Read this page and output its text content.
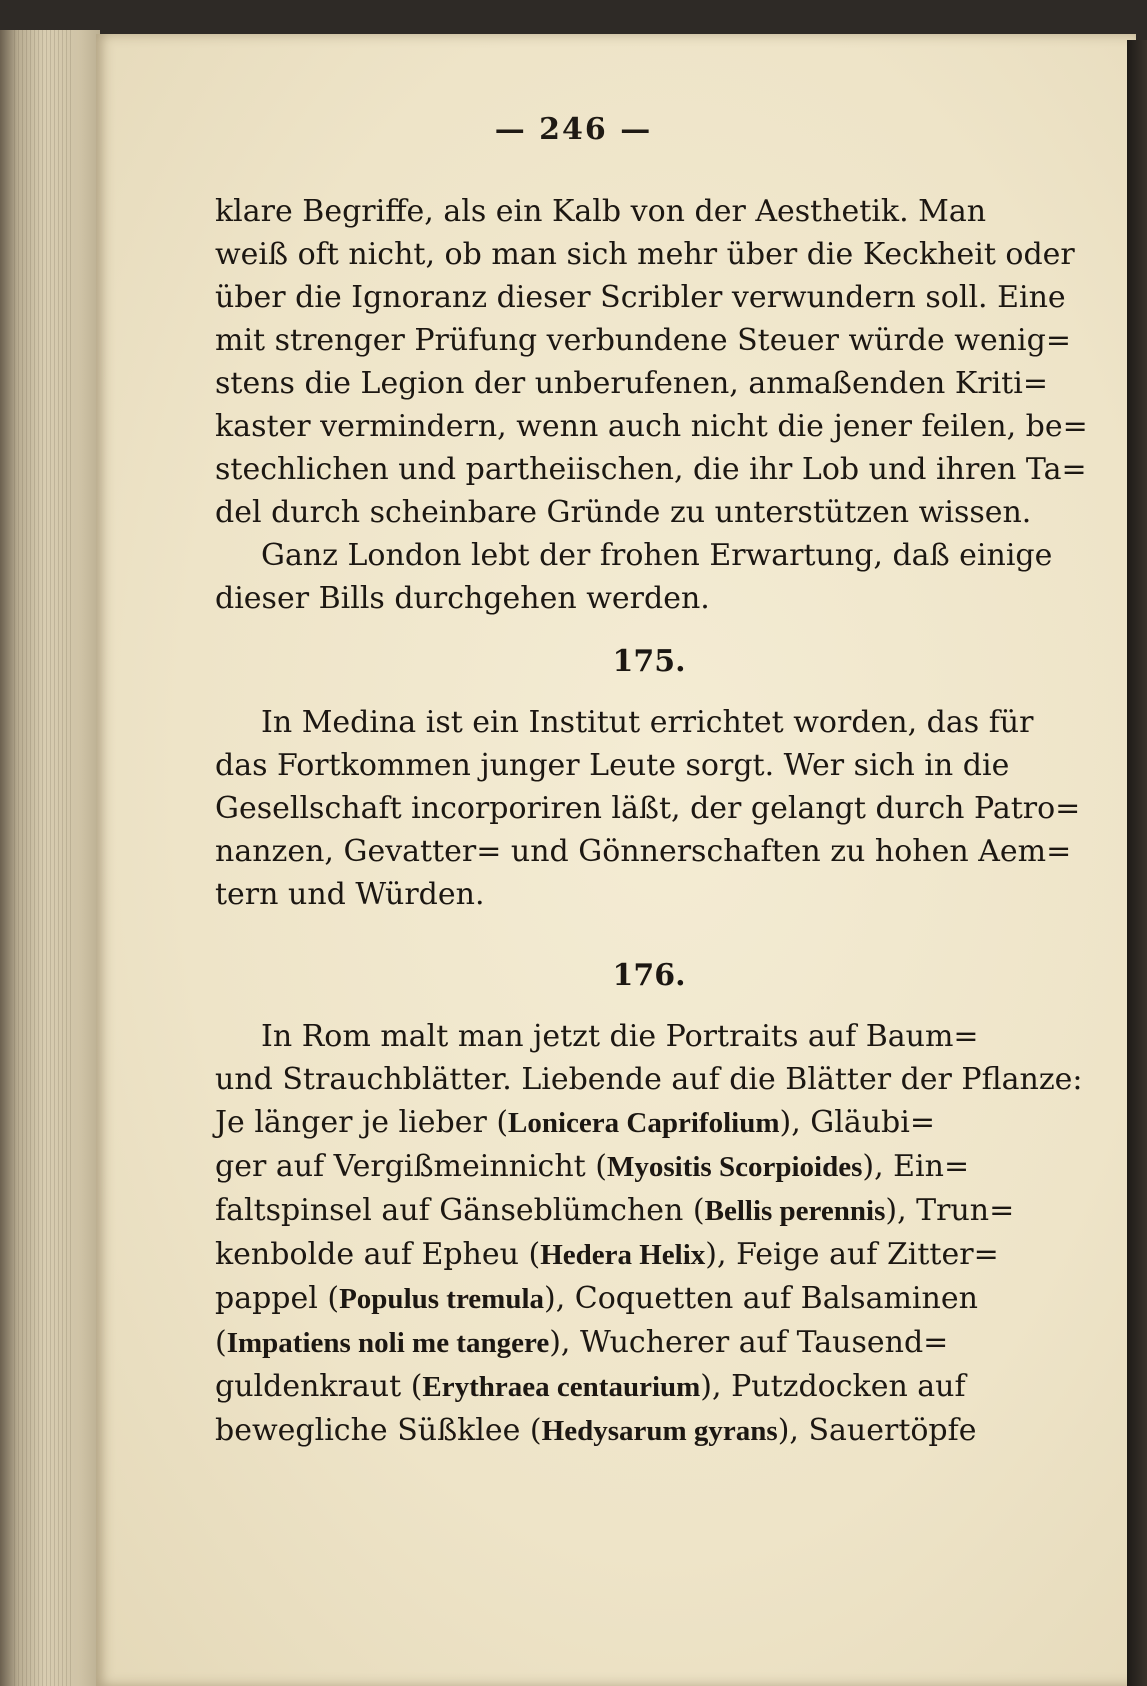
— 246 —
klare Begriffe, als ein Kalb von der Aesthetik. Man
weiß oft nicht, ob man sich mehr über die Keckheit oder
über die Ignoranz dieser Scribler verwundern soll. Eine
mit strenger Prüfung verbundene Steuer würde wenig=
stens die Legion der unberufenen, anmaßenden Kriti=
kaster vermindern, wenn auch nicht die jener feilen, be=
stechlichen und partheiischen, die ihr Lob und ihren Ta=
del durch scheinbare Gründe zu unterstützen wissen.
Ganz London lebt der frohen Erwartung, daß einige
dieser Bills durchgehen werden.
175.
In Medina ist ein Institut errichtet worden, das für
das Fortkommen junger Leute sorgt. Wer sich in die
Gesellschaft incorporiren läßt, der gelangt durch Patro=
nanzen, Gevatter= und Gönnerschaften zu hohen Aem=
tern und Würden.
176.
In Rom malt man jetzt die Portraits auf Baum=
und Strauchblätter. Liebende auf die Blätter der Pflanze:
Je länger je lieber (Lonicera Caprifolium), Gläubi=
ger auf Vergißmeinnicht (Myositis Scorpioides), Ein=
faltspinsel auf Gänseblümchen (Bellis perennis), Trun=
kenbolde auf Epheu (Hedera Helix), Feige auf Zitter=
pappel (Populus tremula), Coquetten auf Balsaminen
(Impatiens noli me tangere), Wucherer auf Tausend=
guldenkraut (Erythraea centaurium), Putzdocken auf
bewegliche Süßklee (Hedysarum gyrans), Sauertöpfe
